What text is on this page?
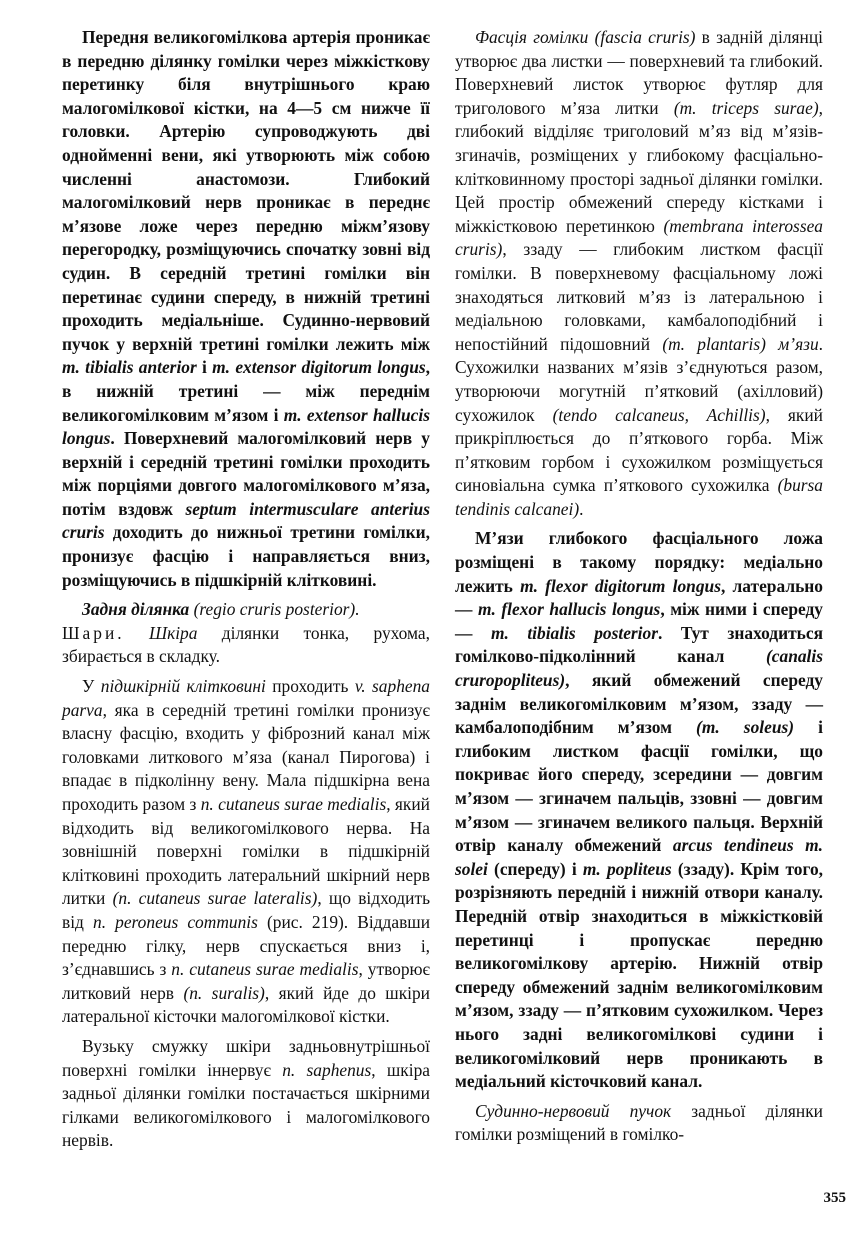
Передня великогомілкова артерія проникає в передню ділянку гомілки через міжкісткову перетинку біля внутрішнього краю малогомілкової кістки, на 4—5 см нижче її головки. Артерію супроводжують дві однойменні вени, які утворюють між собою численні анастомози. Глибокий малогомілковий нерв проникає в переднє м’язове ложе через передню міжм’язову перегородку, розміщуючись спочатку зовні від судин. В середній третині гомілки він перетинає судини спереду, в нижній третині проходить медіальніше. Судинно-нервовий пучок у верхній третині гомілки лежить між m. tibialis anterior і m. extensor digitorum longus, в нижній третині — між переднім великогомілковим м’язом і m. extensor hallucis longus. Поверхневий малогомілковий нерв у верхній і середній третині гомілки проходить між порціями довгого малогомілкового м’яза, потім вздовж septum intermusculare anterius cruris доходить до нижньої третини гомілки, пронизує фасцію і направляється вниз, розміщуючись в підшкірній клітковині.

Задня ділянка (regio cruris posterior).
Шари. Шкіра ділянки тонка, рухома, збирається в складку.

У підшкірній клітковині проходить v. saphena parva, яка в середній третині гомілки пронизує власну фасцію, входить у фіброзний канал між головками литкового м’яза (канал Пирогова) і впадає в підколінну вену. Мала підшкірна вена проходить разом з n. cutaneus surae medialis, який відходить від великогомілкового нерва. На зовнішній поверхні гомілки в підшкірній клітковині проходить латеральний шкірний нерв литки (n. cutaneus surae lateralis), що відходить від n. peroneus communis (рис. 219). Віддавши передню гілку, нерв спускається вниз і, з’єднавшись з n. cutaneus surae medialis, утворює литковий нерв (n. suralis), який йде до шкіри латеральної кісточки малогомілкової кістки.

Вузьку смужку шкіри задньовнутрішньої поверхні гомілки іннервує n. saphenus, шкіра задньої ділянки гомілки постачається шкірними гілками великогомілкового і малогомілкового нервів.

Фасція гомілки (fascia cruris) в задній ділянці утворює два листки — поверхневий та глибокий. Поверхневий листок утворює футляр для триголового м’яза литки (m. triceps surae), глибокий відділяє триголовий м’яз від м’язів-згиначів, розміщених у глибокому фасціально-клітковинному просторі задньої ділянки гомілки. Цей простір обмежений спереду кістками і міжкістковою перетинкою (membrana interossea cruris), ззаду — глибоким листком фасції гомілки. В поверхневому фасціальному ложі знаходяться литковий м’яз із латеральною і медіальною головками, камбалоподібний і непостійний підошовний (m. plantaris) м’язи. Сухожилки названих м’язів з’єднуються разом, утворюючи могутній п’ятковий (ахілловий) сухожилок (tendo calcaneus, Achillis), який прикріплюється до п’яткового горба. Між п’ятковим горбом і сухожилком розміщується синовіальна сумка п’яткового сухожилка (bursa tendinis calcanei).

М’язи глибокого фасціального ложа розміщені в такому порядку: медіально лежить m. flexor digitorum longus, латерально — m. flexor hallucis longus, між ними і спереду — m. tibialis posterior. Тут знаходиться гомілково-підколінний канал (canalis cruropopliteus), який обмежений спереду заднім великогомілковим м’язом, ззаду — камбалоподібним м’язом (m. soleus) і глибоким листком фасції гомілки, що покриває його спереду, зсередини — довгим м’язом — згиначем пальців, ззовні — довгим м’язом — згиначем великого пальця. Верхній отвір каналу обмежений arcus tendineus m. solei (спереду) і m. popliteus (ззаду). Крім того, розрізняють передній і нижній отвори каналу. Передній отвір знаходиться в міжкістковій перетинці і пропускає передню великогомілкову артерію. Нижній отвір спереду обмежений заднім великогомілковим м’язом, ззаду — п’ятковим сухожилком. Через нього задні великогомілкові судини і великогомілковий нерв проникають в медіальний кісточковий канал.

Судинно-нервовий пучок задньої ділянки гомілки розміщений в гомілко-

355
